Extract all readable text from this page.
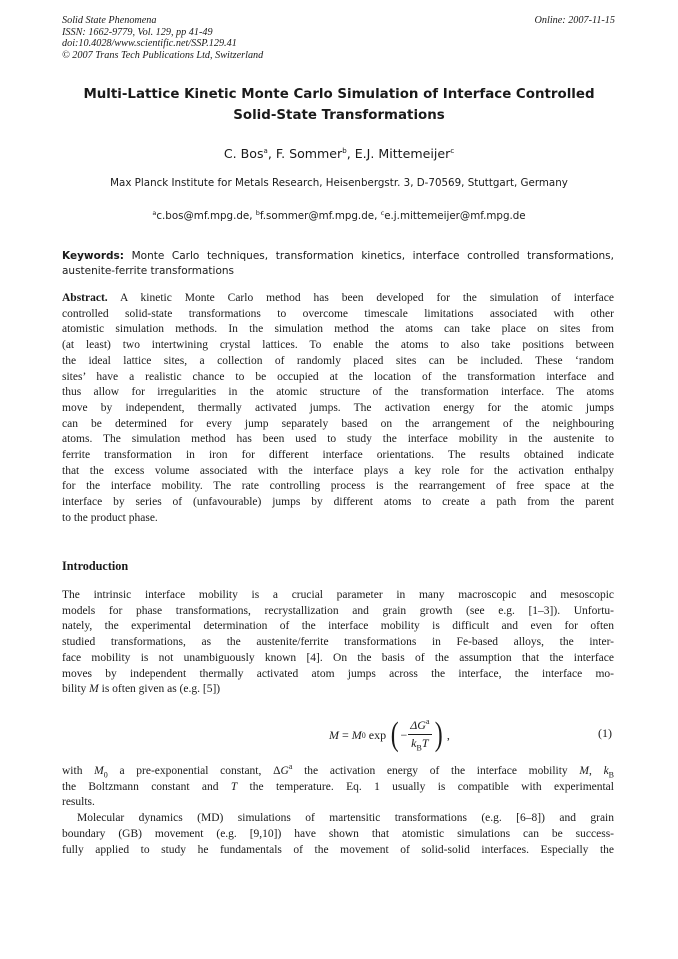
Solid State Phenomena
ISSN: 1662-9779, Vol. 129, pp 41-49
doi:10.4028/www.scientific.net/SSP.129.41
© 2007 Trans Tech Publications Ltd, Switzerland
Online: 2007-11-15
Multi-Lattice Kinetic Monte Carlo Simulation of Interface Controlled
Solid-State Transformations
C. Bos$^a$, F. Sommer$^b$, E.J. Mittemeijer$^c$
Max Planck Institute for Metals Research, Heisenbergstr. 3, D-70569, Stuttgart, Germany
$^a$c.bos@mf.mpg.de, $^b$f.sommer@mf.mpg.de, $^c$e.j.mittemeijer@mf.mpg.de
Keywords: Monte Carlo techniques, transformation kinetics, interface controlled transformations,
austenite-ferrite transformations
Abstract. A kinetic Monte Carlo method has been developed for the simulation of interface
controlled solid-state transformations to overcome timescale limitations associated with other
atomistic simulation methods. In the simulation method the atoms can take place on sites from
(at least) two intertwining crystal lattices. To enable the atoms to also take positions between
the ideal lattice sites, a collection of randomly placed sites can be included. These ‘random
sites’ have a realistic chance to be occupied at the location of the transformation interface and
thus allow for irregularities in the atomic structure of the transformation interface. The atoms
move by independent, thermally activated jumps. The activation energy for the atomic jumps
can be determined for every jump separately based on the arrangement of the neighbouring
atoms. The simulation method has been used to study the interface mobility in the austenite to
ferrite transformation in iron for different interface orientations. The results obtained indicate
that the excess volume associated with the interface plays a key role for the activation enthalpy
for the interface mobility. The rate controlling process is the rearrangement of free space at the
interface by series of (unfavourable) jumps by different atoms to create a path from the parent
to the product phase.
Introduction
The intrinsic interface mobility is a crucial parameter in many macroscopic and mesoscopic
models for phase transformations, recrystallization and grain growth (see e.g. [1–3]). Unfortu-
nately, the experimental determination of the interface mobility is difficult and even for often
studied transformations, as the austenite/ferrite transformations in Fe-based alloys, the inter-
face mobility is not unambiguously known [4]. On the basis of the assumption that the interface
moves by independent thermally activated atom jumps across the interface, the interface mo-
bility M is often given as (e.g. [5])
M = M 0 exp ( − $\frac{\Delta G^a}{k_BT}$ ) ,	(1)
with $M_0$ a pre-exponential constant, $\Delta G^a$ the activation energy of the interface mobility M, $k_B$
the Boltzmann constant and T the temperature. Eq. 1 usually is compatible with experimental
results.
Molecular dynamics (MD) simulations of martensitic transformations (e.g. [6–8]) and grain
boundary (GB) movement (e.g. [9,10]) have shown that atomistic simulations can be success-
fully applied to study he fundamentals of the movement of solid-solid interfaces. Especially the
